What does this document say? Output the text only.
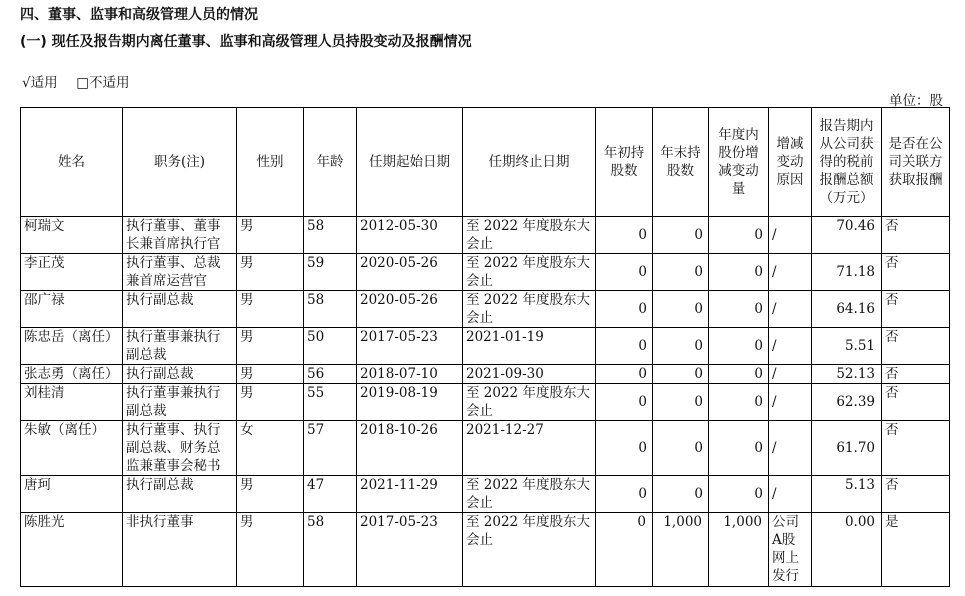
四、董事、监事和高级管理人员的情况
(一) 现任及报告期内离任董事、监事和高级管理人员持股变动及报酬情况
√适用 □不适用
单位：股
姓名	职务(注)	性别	年龄	任期起始日期	任期终止日期	年初持股数	年末持股数	年度内股份增减变动量	增减变动原因	报告期内从公司获得的税前报酬总额（万元）	是否在公司关联方获取报酬
柯瑞文	执行董事、董事长兼首席执行官	男	58	2012-05-30	至 2022 年度股东大会止	0	0	0	/	70.46	否
李正茂	执行董事、总裁兼首席运营官	男	59	2020-05-26	至 2022 年度股东大会止	0	0	0	/	71.18	否
邵广禄	执行副总裁	男	58	2020-05-26	至 2022 年度股东大会止	0	0	0	/	64.16	否
陈忠岳（离任）	执行董事兼执行副总裁	男	50	2017-05-23	2021-01-19	0	0	0	/	5.51	否
张志勇（离任）	执行副总裁	男	56	2018-07-10	2021-09-30	0	0	0	/	52.13	否
刘桂清	执行董事兼执行副总裁	男	55	2019-08-19	至 2022 年度股东大会止	0	0	0	/	62.39	否
朱敏（离任）	执行董事、执行副总裁、财务总监兼董事会秘书	女	57	2018-10-26	2021-12-27	0	0	0	/	61.70	否
唐珂	执行副总裁	男	47	2021-11-29	至 2022 年度股东大会止	0	0	0	/	5.13	否
陈胜光	非执行董事	男	58	2017-05-23	至 2022 年度股东大会止	0	1,000	1,000	公司A股网上发行	0.00	是
